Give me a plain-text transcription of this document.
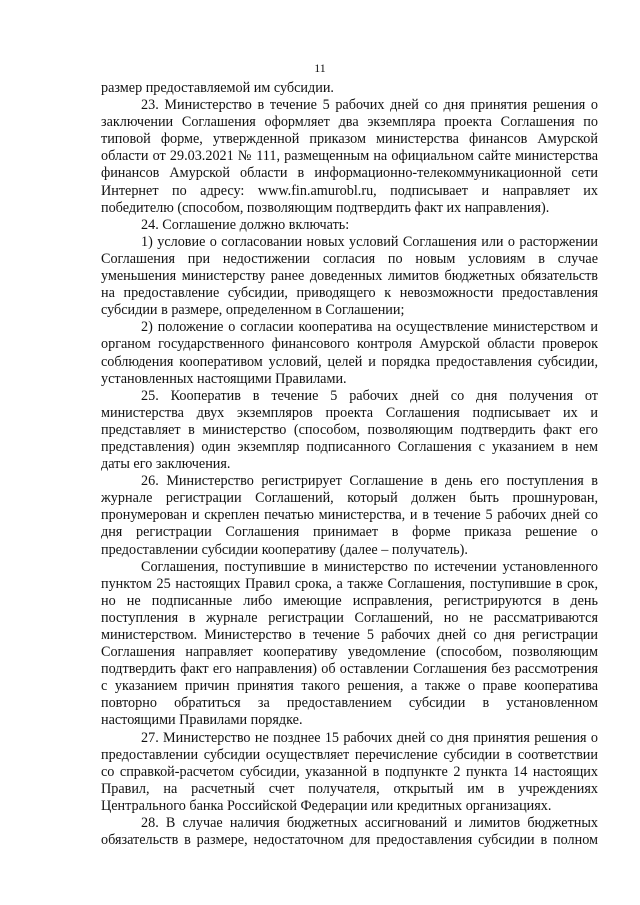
11
размер предоставляемой им субсидии.
23. Министерство в течение 5 рабочих дней со дня принятия решения о
заключении Соглашения оформляет два экземпляра проекта Соглашения по
типовой форме, утвержденной приказом министерства финансов Амурской
области от 29.03.2021 № 111, размещенным на официальном сайте министерства
финансов Амурской области в информационно-телекоммуникационной сети
Интернет по адресу: www.fin.amurobl.ru, подписывает и направляет их
победителю (способом, позволяющим подтвердить факт их направления).
24. Соглашение должно включать:
1) условие о согласовании новых условий Соглашения или о расторжении
Соглашения при недостижении согласия по новым условиям в случае
уменьшения министерству ранее доведенных лимитов бюджетных обязательств
на предоставление субсидии, приводящего к невозможности предоставления
субсидии в размере, определенном в Соглашении;
2) положение о согласии кооператива на осуществление министерством и
органом государственного финансового контроля Амурской области проверок
соблюдения кооперативом условий, целей и порядка предоставления субсидии,
установленных настоящими Правилами.
25. Кооператив в течение 5 рабочих дней со дня получения от
министерства двух экземпляров проекта Соглашения подписывает их и
представляет в министерство (способом, позволяющим подтвердить факт его
представления) один экземпляр подписанного Соглашения с указанием в нем
даты его заключения.
26. Министерство регистрирует Соглашение в день его поступления в
журнале регистрации Соглашений, который должен быть прошнурован,
пронумерован и скреплен печатью министерства, и в течение 5 рабочих дней со
дня регистрации Соглашения принимает в форме приказа решение о
предоставлении субсидии кооперативу (далее – получатель).
Соглашения, поступившие в министерство по истечении установленного
пунктом 25 настоящих Правил срока, а также Соглашения, поступившие в срок,
но не подписанные либо имеющие исправления, регистрируются в день
поступления в журнале регистрации Соглашений, но не рассматриваются
министерством. Министерство в течение 5 рабочих дней со дня регистрации
Соглашения направляет кооперативу уведомление (способом, позволяющим
подтвердить факт его направления) об оставлении Соглашения без рассмотрения
с указанием причин принятия такого решения, а также о праве кооператива
повторно обратиться за предоставлением субсидии в установленном
настоящими Правилами порядке.
27. Министерство не позднее 15 рабочих дней со дня принятия решения о
предоставлении субсидии осуществляет перечисление субсидии в соответствии
со справкой-расчетом субсидии, указанной в подпункте 2 пункта 14 настоящих
Правил, на расчетный счет получателя, открытый им в учреждениях
Центрального банка Российской Федерации или кредитных организациях.
28. В случае наличия бюджетных ассигнований и лимитов бюджетных
обязательств в размере, недостаточном для предоставления субсидии в полном
